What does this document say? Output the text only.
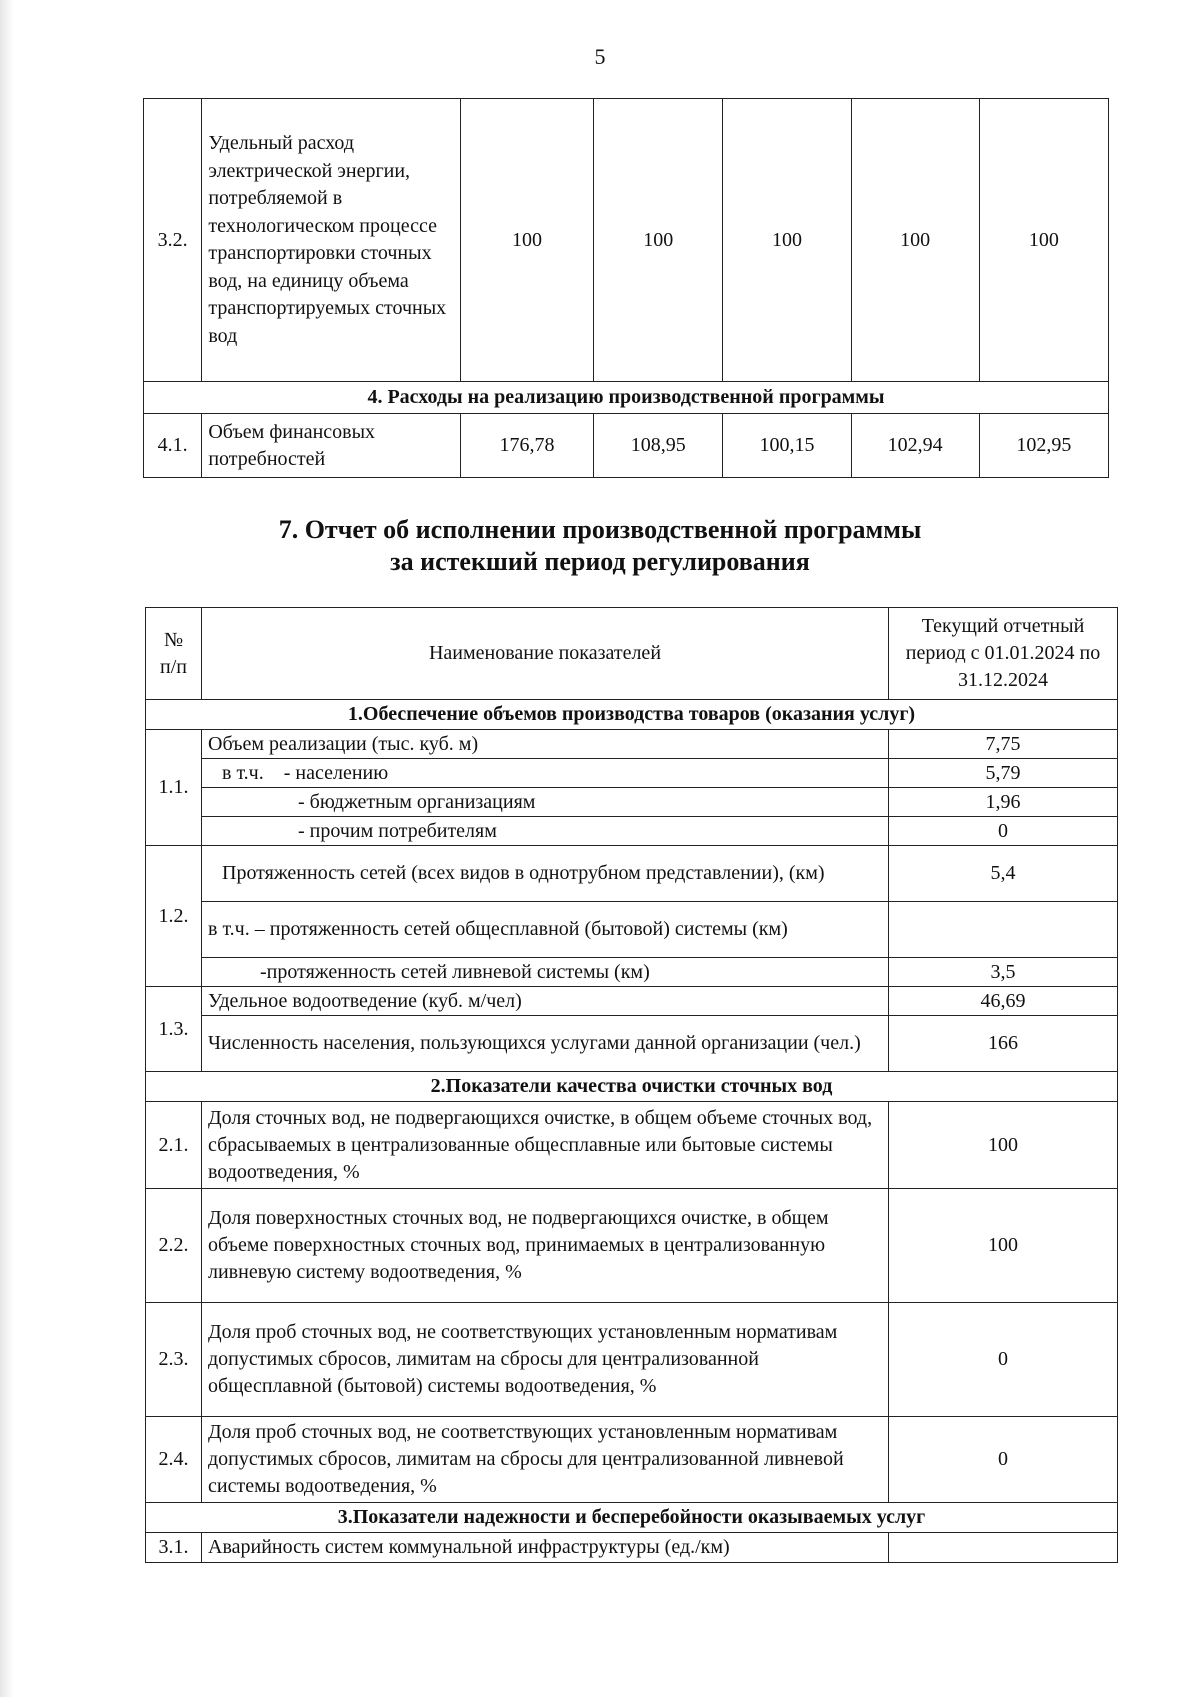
5
3.2.	Удельный расход электрической энергии, потребляемой в технологическом процессе транспортировки сточных вод, на единицу объема транспортируемых сточных вод	100	100	100	100	100
4. Расходы на реализацию производственной программы						
4.1.	Объем финансовых потребностей	176,78	108,95	100,15	102,94	102,95
7. Отчет об исполнении производственной программы
за истекший период регулирования
№ п/п	Наименование показателей	Текущий отчетный период с 01.01.2024 по 31.12.2024
1.Обеспечение объемов производства товаров (оказания услуг)		
1.1.	Объем реализации (тыс. куб. м)	7,75
	в т.ч.    - населению	5,79
	- бюджетным организациям	1,96
	- прочим потребителям	0
1.2.	Протяженность сетей (всех видов в однотрубном представлении), (км)	5,4
	в т.ч. – протяженность сетей общесплавной (бытовой) системы (км)	
	-протяженность сетей ливневой системы (км)	3,5
1.3.	Удельное водоотведение (куб. м/чел)	46,69
	Численность населения, пользующихся услугами данной организации (чел.)	166
2.Показатели качества очистки сточных вод		
2.1.	Доля сточных вод, не подвергающихся очистке, в общем объеме сточных вод, сбрасываемых в централизованные общесплавные или бытовые системы водоотведения, %	100
2.2.	Доля поверхностных сточных вод, не подвергающихся очистке, в общем объеме поверхностных сточных вод, принимаемых в централизованную ливневую систему водоотведения, %	100
2.3.	Доля проб сточных вод, не соответствующих установленным нормативам допустимых сбросов, лимитам на сбросы для централизованной общесплавной (бытовой) системы водоотведения, %	0
2.4.	Доля проб сточных вод, не соответствующих установленным нормативам допустимых сбросов, лимитам на сбросы для централизованной ливневой системы водоотведения, %	0
3.Показатели надежности и бесперебойности оказываемых услуг		
3.1.	Аварийность систем коммунальной инфраструктуры (ед./км)	
